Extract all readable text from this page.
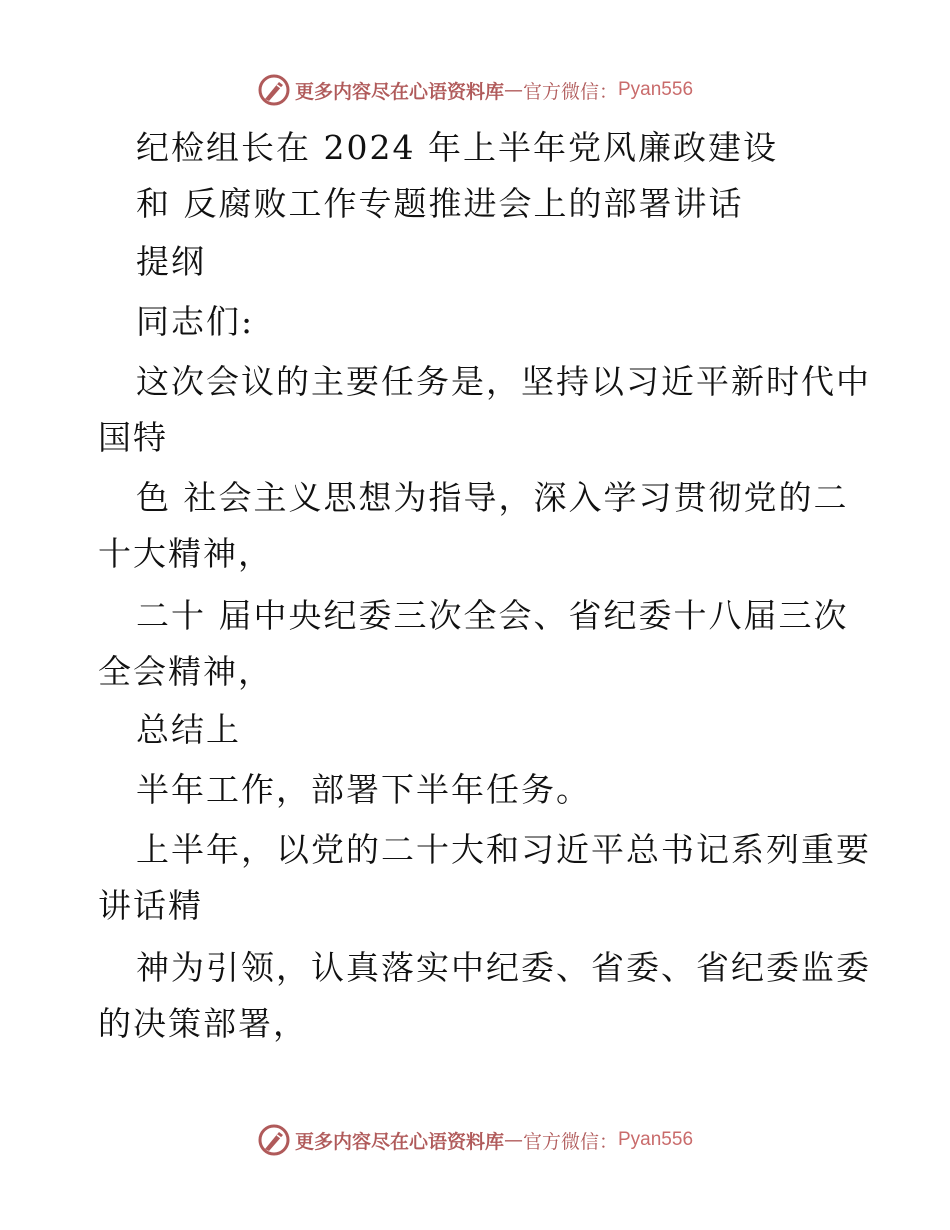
更多内容尽在心语资料库 — 官方微信： Pyan556
纪检组长在 2024 年上半年党风廉政建设
和 反腐败工作专题推进会上的部署讲话
提纲
同志们:
这次会议的主要任务是，坚持以习近平新时代中
国特
色 社会主义思想为指导，深入学习贯彻党的二
十大精神，
二十 届中央纪委三次全会、省纪委十八届三次
全会精神，
总结上
半年工作，部署下半年任务。
上半年，以党的二十大和习近平总书记系列重要
讲话精
神为引领，认真落实中纪委、省委、省纪委监委
的决策部署，
更多内容尽在心语资料库 — 官方微信： Pyan556
